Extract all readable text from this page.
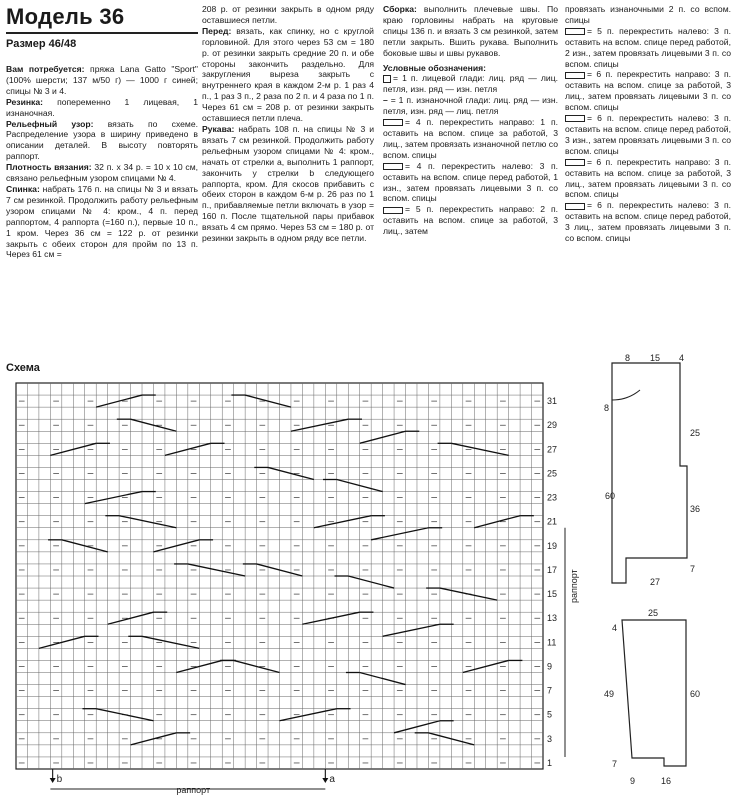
Модель 36
Размер 46/48

Вам потребуется: пряжа Lana Gatto "Sport" (100% шерсти; 137 м/50 г) — 1000 г синей; спицы № 3 и 4.

Резинка: попеременно 1 лицевая, 1 изнаночная.

Рельефный узор: вязать по схеме. Распределение узора в ширину приведено в описании деталей. В высоту повторять раппорт.

Плотность вязания: 32 п. x 34 р. = 10 x 10 см, связано рельефным узором спицами № 4.

Спинка: набрать 176 п. на спицы № 3 и вязать 7 см резинкой. Продолжить работу рельефным узором спицами № 4: кром., 4 п. перед раппортом, 4 раппорта (=160 п.), первые 10 п., 1 кром. Через 36 см = 122 р. от резинки закрыть с обеих сторон для пройм по 13 п. Через 61 см =

208 р. от резинки закрыть в одном ряду оставшиеся петли.

Перед: вязать, как спинку, но с круглой горловиной. Для этого через 53 см = 180 р. от резинки закрыть средние 20 п. и обе стороны закончить раздельно. Для закругления выреза закрыть с внутреннего края в каждом 2-м р. 1 раз 4 п., 1 раз 3 п., 2 раза по 2 п. и 4 раза по 1 п. Через 61 см = 208 р. от резинки закрыть оставшиеся петли плеча.

Рукава: набрать 108 п. на спицы № 3 и вязать 7 см резинкой. Продолжить работу рельефным узором спицами № 4: кром., начать от стрелки a, выполнить 1 раппорт, закончить у стрелки b следующего раппорта, кром. Для скосов прибавить с обеих сторон в каждом 6-м р. 26 раз по 1 п., прибавляемые петли включать в узор = 160 п. После тщательной пары прибавок вязать 4 см прямо. Через 53 см = 180 р. от резинки закрыть в одном ряду все петли.

Сборка: выполнить плечевые швы. По краю горловины набрать на круговые спицы 136 п. и вязать 3 см резинкой, затем петли закрыть. Вшить рукава. Выполнить боковые швы и швы рукавов.

Условные обозначения:

= 1 п. лицевой глади: лиц. ряд — лиц. петля, изн. ряд — изн. петля

– = 1 п. изнаночной глади: лиц. ряд — изн. петля, изн. ряд — лиц. петля

= 4 п. перекрестить направо: 1 п. оставить на вспом. спице за работой, 3 лиц., затем провязать изнаночной петлю со вспом. спицы

= 4 п. перекрестить налево: 3 п. оставить на вспом. спице перед работой, 1 изн., затем провязать лицевыми 3 п. со вспом. спицы

= 5 п. перекрестить направо: 2 п. оставить на вспом. спице за работой, 3 лиц., затем

провязать изнаночными 2 п. со вспом. спицы

= 5 п. перекрестить налево: 3 п. оставить на вспом. спице перед работой, 2 изн., затем провязать лицевыми 3 п. со вспом. спицы

= 6 п. перекрестить направо: 3 п. оставить на вспом. спице за работой, 3 лиц., затем провязать лицевыми 3 п. со вспом. спицы

= 6 п. перекрестить налево: 3 п. оставить на вспом. спице перед работой, 3 изн., затем провязать лицевыми 3 п. со вспом. спицы

= 6 п. перекрестить направо: 3 п. оставить на вспом. спице за работой, 3 лиц., затем провязать лицевыми 3 п. со вспом. спицы

= 6 п. перекрестить налево: 3 п. оставить на вспом. спице перед работой, 3 лиц., затем провязать лицевыми 3 п. со вспом. спицы

Схема
1
3
5
7
9
11
13
15
17
19
21
23
25
27
29
31
раппорт
раппорт
b	a
8 15 4
8
60
25
36
7
27
25
4
49
7
60
9	16
